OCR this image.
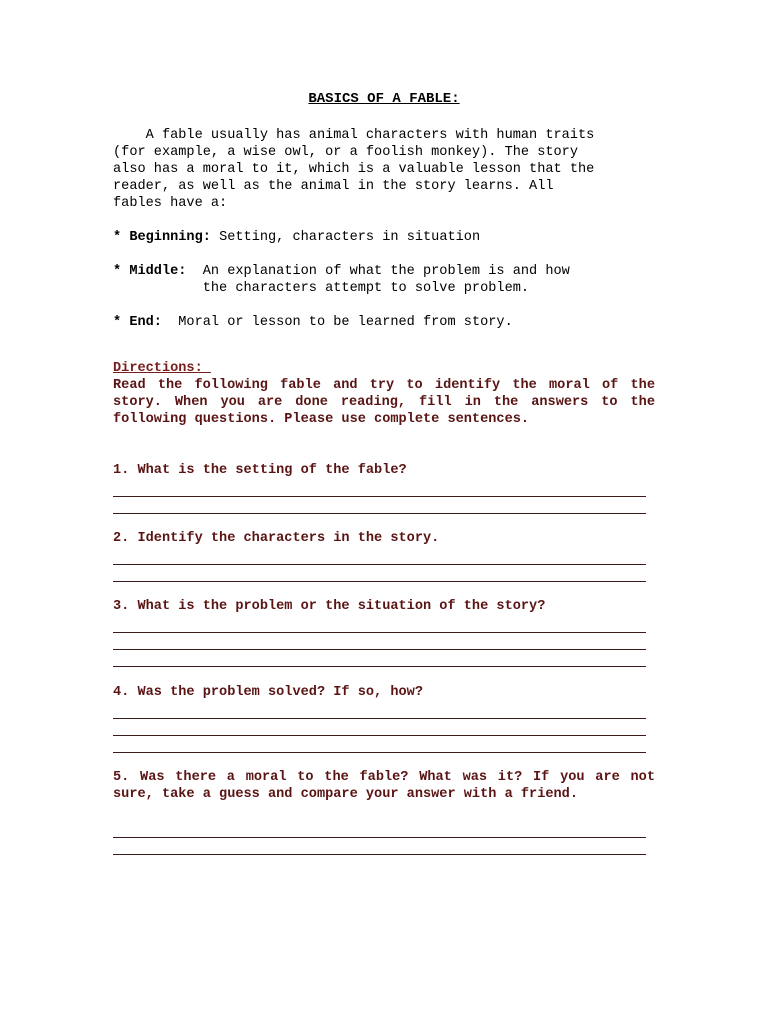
BASICS OF A FABLE:
A fable usually has animal characters with human traits
(for example, a wise owl, or a foolish monkey). The story
also has a moral to it, which is a valuable lesson that the
reader, as well as the animal in the story learns. All
fables have a:
* Beginning: Setting, characters in situation
* Middle:  An explanation of what the problem is and how
the characters attempt to solve problem.
* End:  Moral or lesson to be learned from story.
Directions:
Read the following fable and try to identify the moral of the story. When you are done reading, fill in the answers to the following questions. Please use complete sentences.
1. What is the setting of the fable?
2. Identify the characters in the story.
3. What is the problem or the situation of the story?
4. Was the problem solved? If so, how?
5. Was there a moral to the fable? What was it? If you are not sure, take a guess and compare your answer with a friend.
